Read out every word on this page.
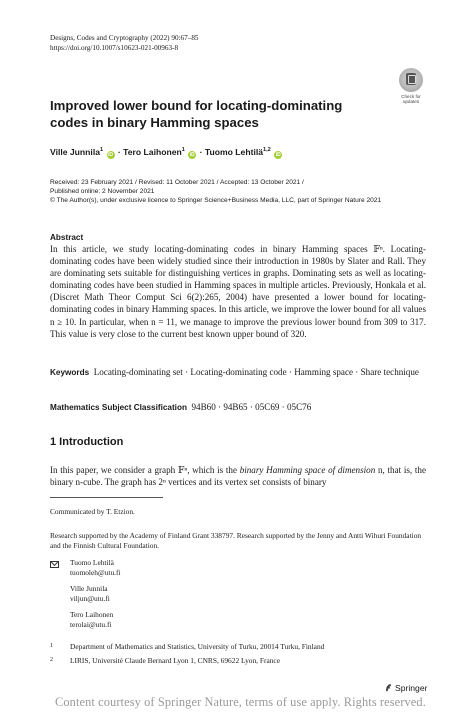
Designs, Codes and Cryptography (2022) 90:67–85
https://doi.org/10.1007/s10623-021-00963-8
Check for
updates
Improved lower bound for locating-dominating codes in binary Hamming spaces
Ville Junnila$^1$ iD · Tero Laihonen$^1$ iD · Tuomo Lehtilä$^{1,2}$ iD
Received: 23 February 2021 / Revised: 11 October 2021 / Accepted: 13 October 2021 /
Published online: 2 November 2021
© The Author(s), under exclusive licence to Springer Science+Business Media, LLC, part of Springer Nature 2021
Abstract
In this article, we study locating-dominating codes in binary Hamming spaces 𝔽ⁿ. Locating-dominating codes have been widely studied since their introduction in 1980s by Slater and Rall. They are dominating sets suitable for distinguishing vertices in graphs. Dominating sets as well as locating-dominating codes have been studied in Hamming spaces in multiple articles. Previously, Honkala et al. (Discret Math Theor Comput Sci 6(2):265, 2004) have presented a lower bound for locating-dominating codes in binary Hamming spaces. In this article, we improve the lower bound for all values n ≥ 10. In particular, when n = 11, we manage to improve the previous lower bound from 309 to 317. This value is very close to the current best known upper bound of 320.
Keywords Locating-dominating set · Locating-dominating code · Hamming space · Share technique
Mathematics Subject Classification 94B60 · 94B65 · 05C69 · 05C76
1 Introduction
In this paper, we consider a graph 𝔽ⁿ, which is the binary Hamming space of dimension n, that is, the binary n-cube. The graph has 2ⁿ vertices and its vertex set consists of binary
Communicated by T. Etzion.
Research supported by the Academy of Finland Grant 338797. Research supported by the Jenny and Antti Wihuri Foundation and the Finnish Cultural Foundation.
Tuomo Lehtilä
tuomoleh@utu.fi
Ville Junnila
viljun@utu.fi
Tero Laihonen
terolai@utu.fi
1 Department of Mathematics and Statistics, University of Turku, 20014 Turku, Finland
2 LIRIS, Université Claude Bernard Lyon 1, CNRS, 69622 Lyon, France
Springer
Content courtesy of Springer Nature, terms of use apply. Rights reserved.
